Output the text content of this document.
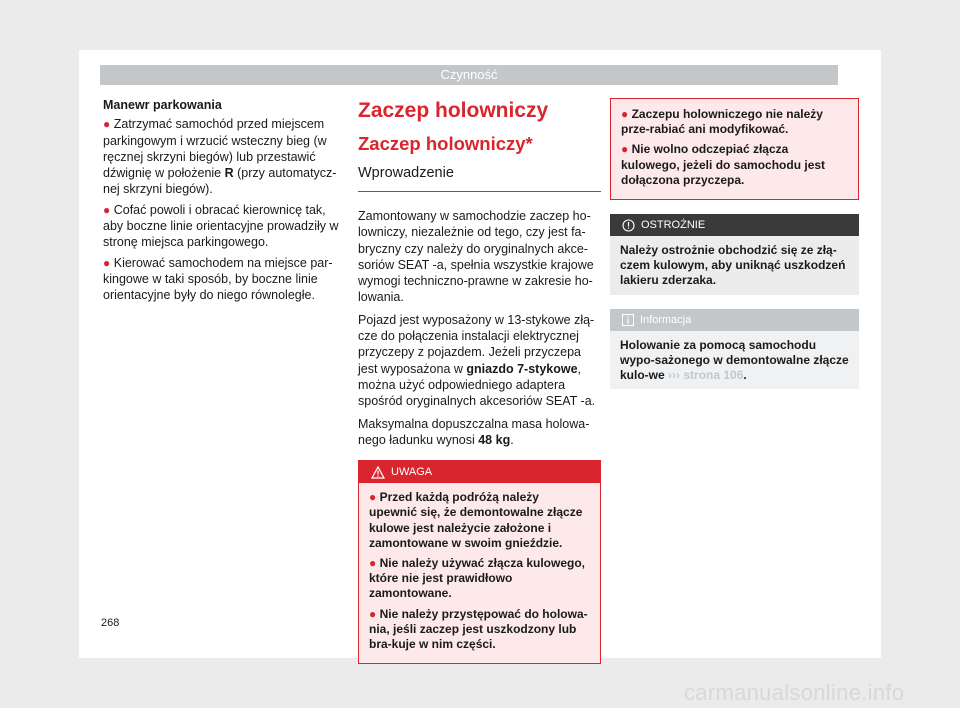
Czynność
Manewr parkowania
● Zatrzymać samochód przed miejscem parkingowym i wrzucić wsteczny bieg (w ręcznej skrzyni biegów) lub przestawić dźwignię w położenie R (przy automatycz-nej skrzyni biegów).
● Cofać powoli i obracać kierownicę tak, aby boczne linie orientacyjne prowadziły w stronę miejsca parkingowego.
● Kierować samochodem na miejsce par-kingowe w taki sposób, by boczne linie orientacyjne były do niego równoległe.
Zaczep holowniczy
Zaczep holowniczy*
Wprowadzenie

Zamontowany w samochodzie zaczep ho-lowniczy, niezależnie od tego, czy jest fa-bryczny czy należy do oryginalnych akce-soriów SEAT -a, spełnia wszystkie krajowe wymogi techniczno-prawne w zakresie ho-lowania.

Pojazd jest wyposażony w 13-stykowe złą-cze do połączenia instalacji elektrycznej przyczepy z pojazdem. Jeżeli przyczepa jest wyposażona w gniazdo 7-stykowe, można użyć odpowiedniego adaptera spośród oryginalnych akcesoriów SEAT -a.

Maksymalna dopuszczalna masa holowa-nego ładunku wynosi 48 kg.

UWAGA
● Przed każdą podróżą należy upewnić się, że demontowalne złącze kulowe jest należycie założone i zamontowane w swoim gnieździe.
● Nie należy używać złącza kulowego, które nie jest prawidłowo zamontowane.
● Nie należy przystępować do holowa-nia, jeśli zaczep jest uszkodzony lub bra-kuje w nim części.
● Zaczepu holowniczego nie należy prze-rabiać ani modyfikować.
● Nie wolno odczepiać złącza kulowego, jeżeli do samochodu jest dołączona przyczepa.
OSTROŻNIE
Należy ostrożnie obchodzić się ze złą-czem kulowym, aby uniknąć uszkodzeń lakieru zderzaka.
Informacja
Holowanie za pomocą samochodu wypo-sażonego w demontowalne złącze kulo-we ››› strona 106.
268
carmanualsonline.info
